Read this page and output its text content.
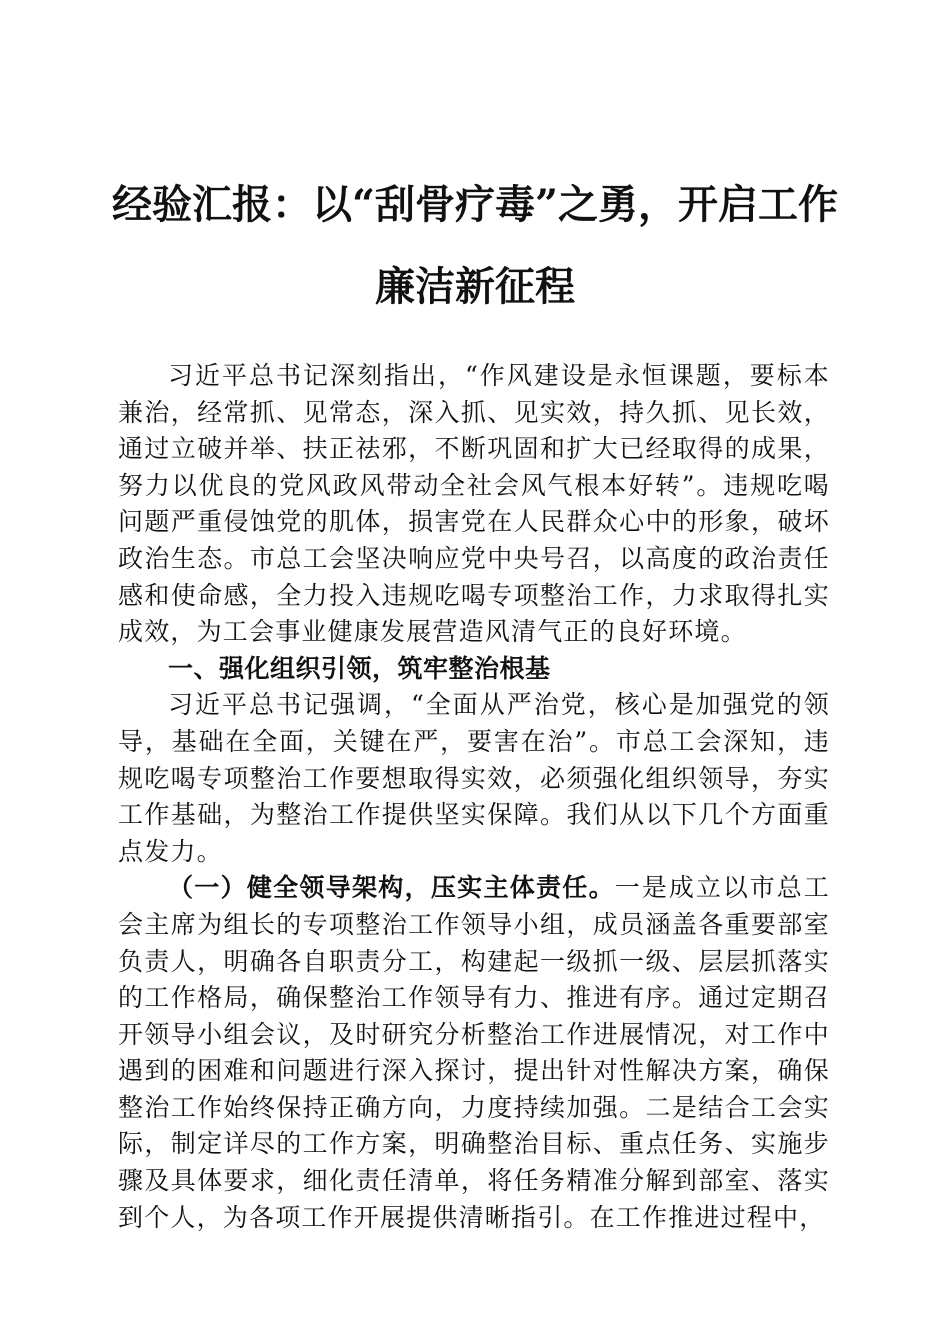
经验汇报：以“刮骨疗毒”之勇，开启工作廉洁新征程

习近平总书记深刻指出，“作风建设是永恒课题，要标本兼治，经常抓、见常态，深入抓、见实效，持久抓、见长效，通过立破并举、扶正祛邪，不断巩固和扩大已经取得的成果，努力以优良的党风政风带动全社会风气根本好转”。违规吃喝问题严重侵蚀党的肌体，损害党在人民群众心中的形象，破坏政治生态。市总工会坚决响应党中央号召，以高度的政治责任感和使命感，全力投入违规吃喝专项整治工作，力求取得扎实成效，为工会事业健康发展营造风清气正的良好环境。

一、强化组织引领，筑牢整治根基

习近平总书记强调，“全面从严治党，核心是加强党的领导，基础在全面，关键在严，要害在治”。市总工会深知，违规吃喝专项整治工作要想取得实效，必须强化组织领导，夯实工作基础，为整治工作提供坚实保障。我们从以下几个方面重点发力。

（一）健全领导架构，压实主体责任。一是成立以市总工会主席为组长的专项整治工作领导小组，成员涵盖各重要部室负责人，明确各自职责分工，构建起一级抓一级、层层抓落实的工作格局，确保整治工作领导有力、推进有序。通过定期召开领导小组会议，及时研究分析整治工作进展情况，对工作中遇到的困难和问题进行深入探讨，提出针对性解决方案，确保整治工作始终保持正确方向，力度持续加强。二是结合工会实际，制定详尽的工作方案，明确整治目标、重点任务、实施步骤及具体要求，细化责任清单，将任务精准分解到部室、落实到个人，为各项工作开展提供清晰指引。在工作推进过程中，
